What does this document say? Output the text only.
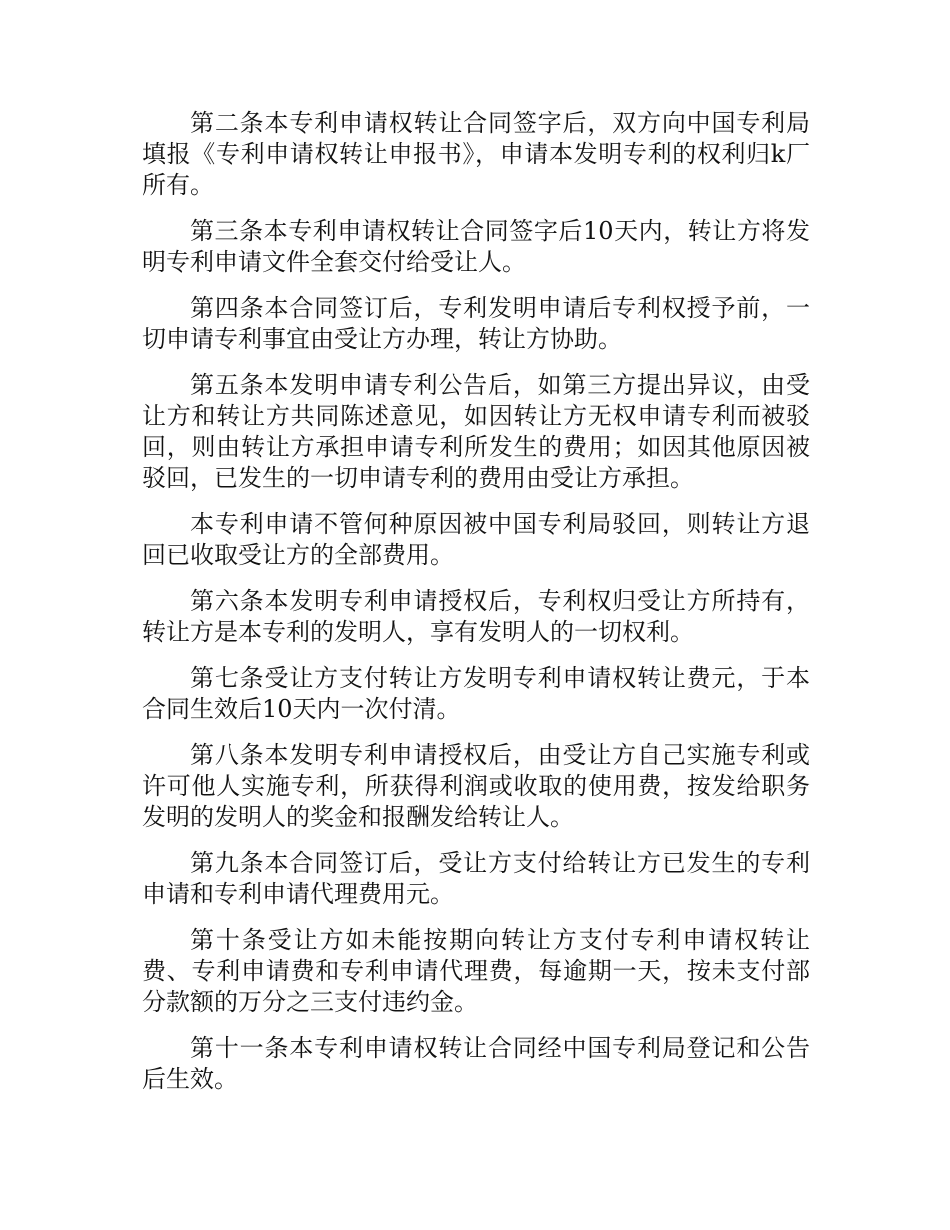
第二条本专利申请权转让合同签字后，双方向中国专利局填报《专利申请权转让申报书》，申请本发明专利的权利归k厂所有。

第三条本专利申请权转让合同签字后10天内，转让方将发明专利申请文件全套交付给受让人。

第四条本合同签订后，专利发明申请后专利权授予前，一切申请专利事宜由受让方办理，转让方协助。

第五条本发明申请专利公告后，如第三方提出异议，由受让方和转让方共同陈述意见，如因转让方无权申请专利而被驳回，则由转让方承担申请专利所发生的费用；如因其他原因被驳回，已发生的一切申请专利的费用由受让方承担。

本专利申请不管何种原因被中国专利局驳回，则转让方退回已收取受让方的全部费用。

第六条本发明专利申请授权后，专利权归受让方所持有，转让方是本专利的发明人，享有发明人的一切权利。

第七条受让方支付转让方发明专利申请权转让费元，于本合同生效后10天内一次付清。

第八条本发明专利申请授权后，由受让方自己实施专利或许可他人实施专利，所获得利润或收取的使用费，按发给职务发明的发明人的奖金和报酬发给转让人。

第九条本合同签订后，受让方支付给转让方已发生的专利申请和专利申请代理费用元。

第十条受让方如未能按期向转让方支付专利申请权转让费、专利申请费和专利申请代理费，每逾期一天，按未支付部分款额的万分之三支付违约金。

第十一条本专利申请权转让合同经中国专利局登记和公告后生效。
